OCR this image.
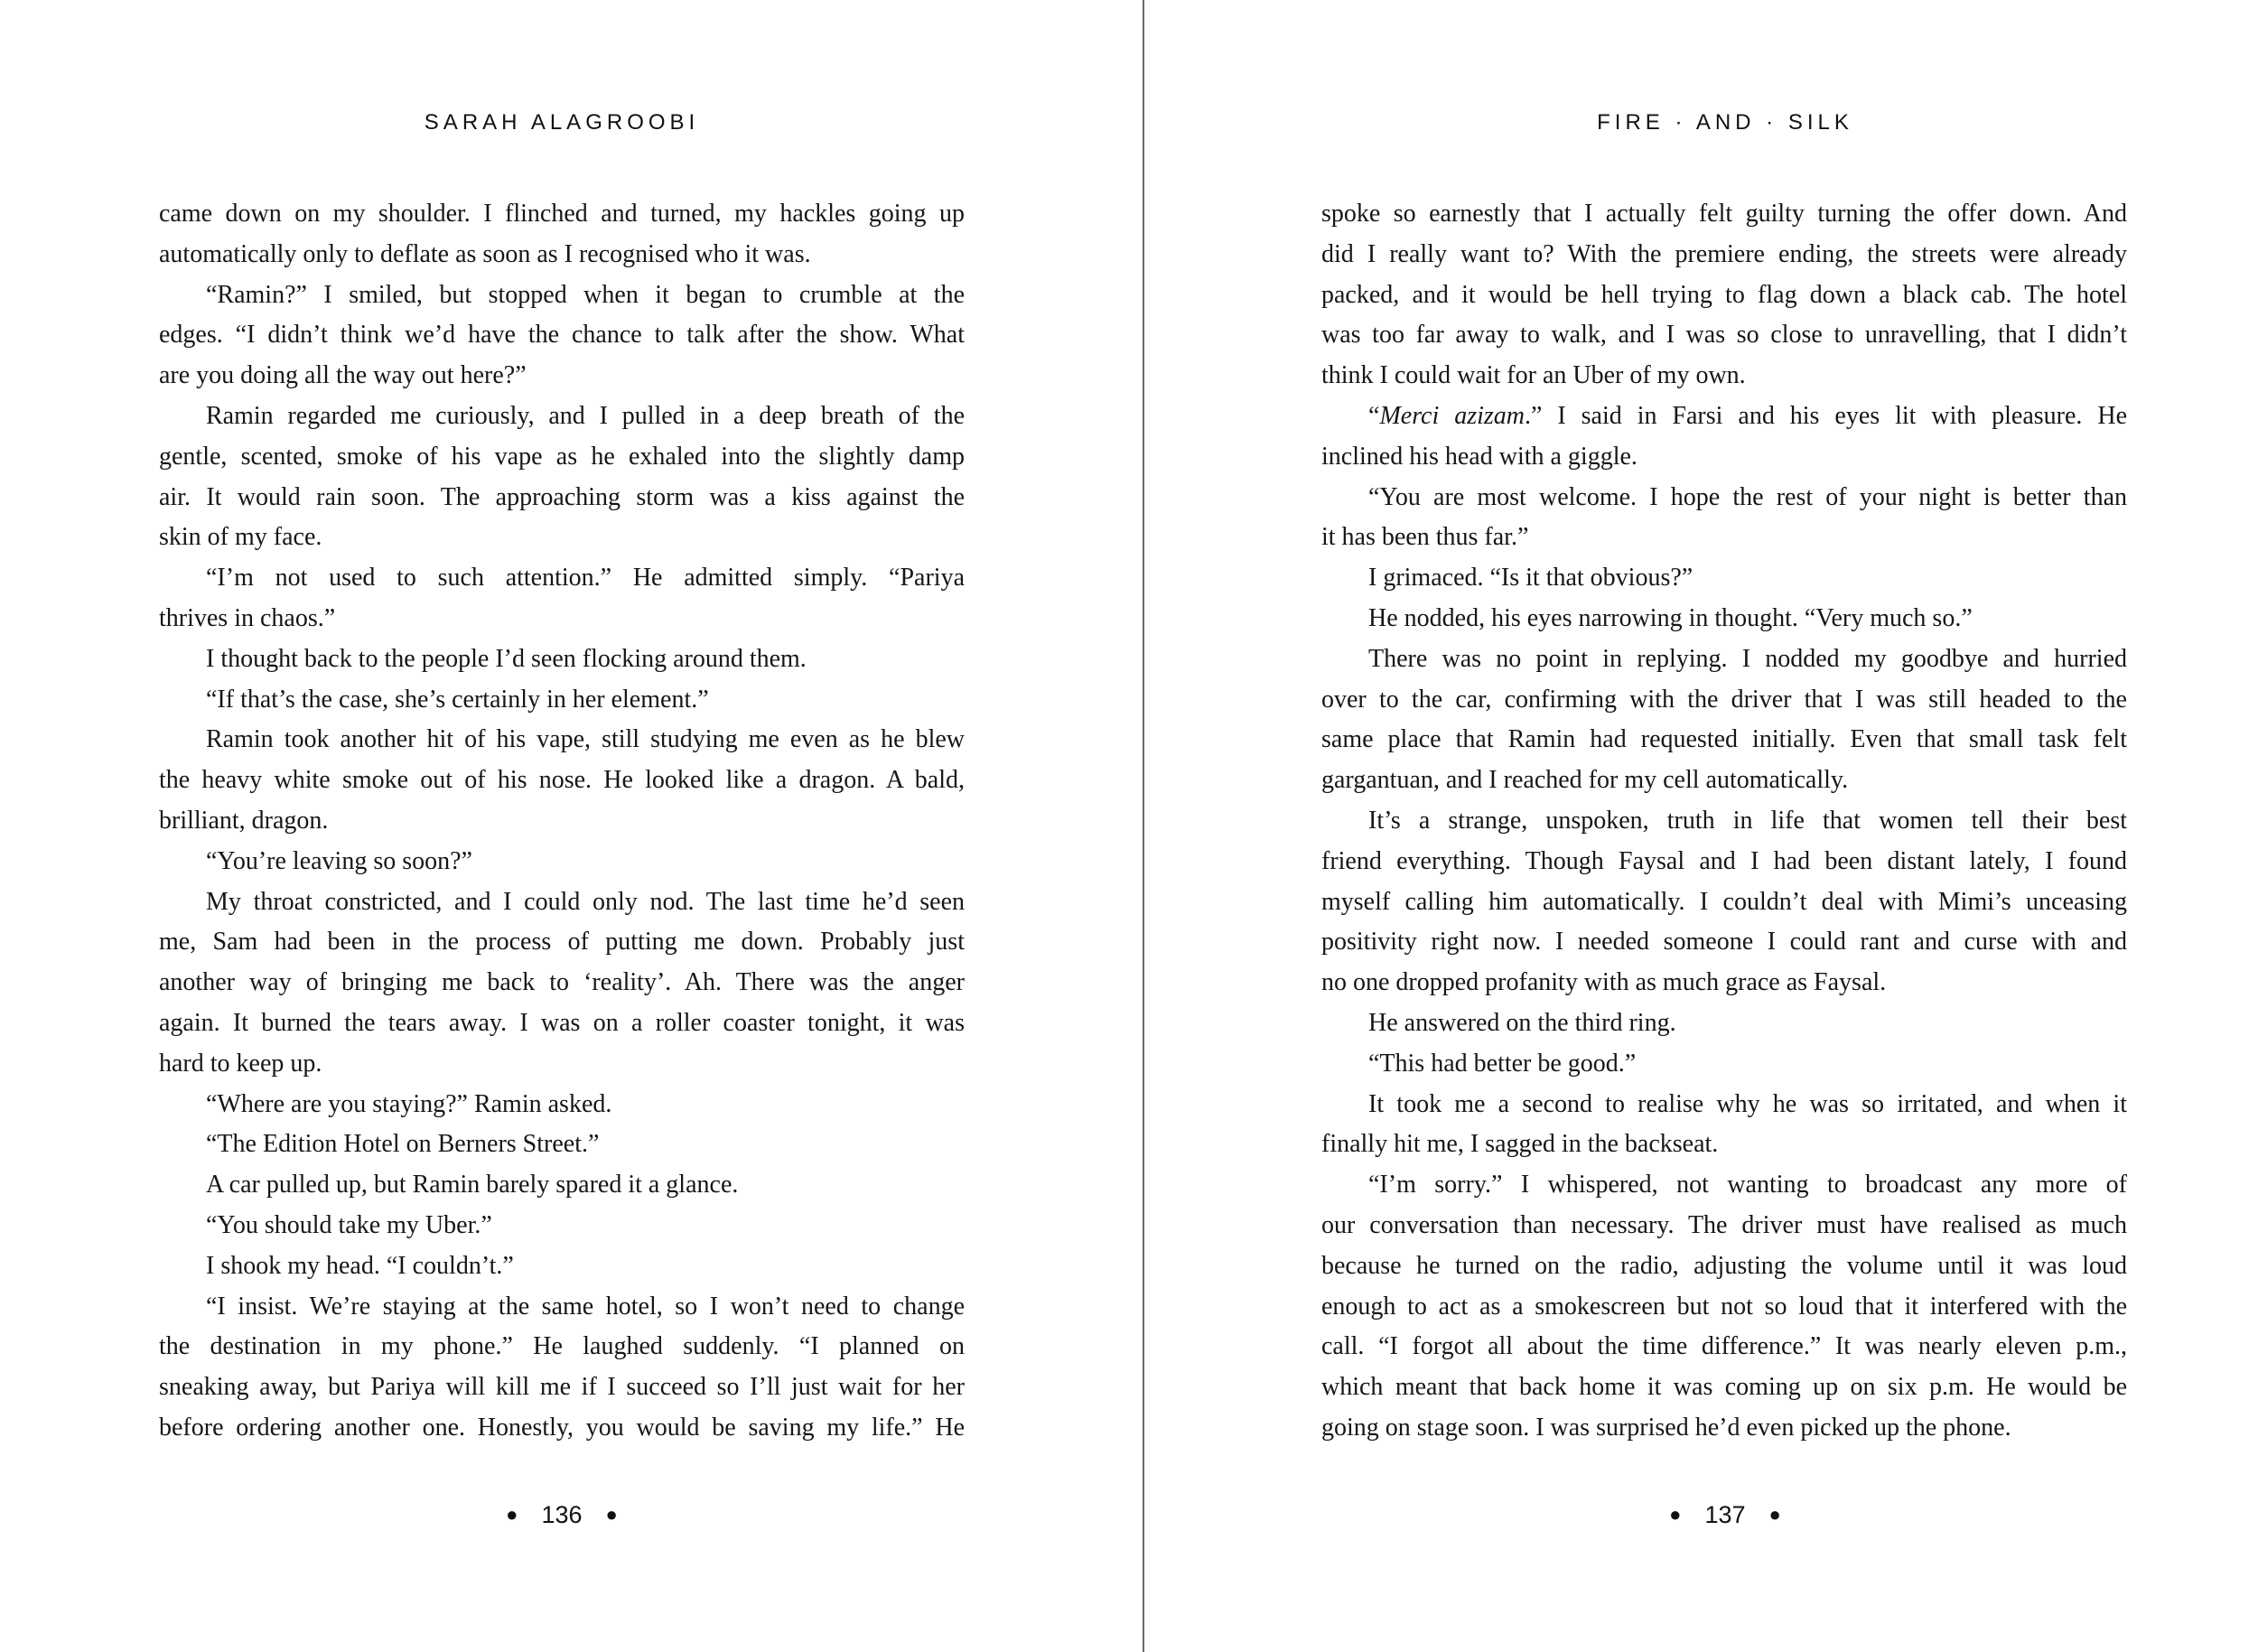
SARAH ALAGROOBI	FIRE · AND · SILK
came down on my shoulder. I flinched and turned, my hackles going up
automatically only to deflate as soon as I recognised who it was.
“Ramin?” I smiled, but stopped when it began to crumble at the
edges. “I didn’t think we’d have the chance to talk after the show. What
are you doing all the way out here?”
Ramin regarded me curiously, and I pulled in a deep breath of the
gentle, scented, smoke of his vape as he exhaled into the slightly damp
air. It would rain soon. The approaching storm was a kiss against the
skin of my face.
“I’m not used to such attention.” He admitted simply. “Pariya
thrives in chaos.”
I thought back to the people I’d seen flocking around them.
“If that’s the case, she’s certainly in her element.”
Ramin took another hit of his vape, still studying me even as he blew
the heavy white smoke out of his nose. He looked like a dragon. A bald,
brilliant, dragon.
“You’re leaving so soon?”
My throat constricted, and I could only nod. The last time he’d seen
me, Sam had been in the process of putting me down. Probably just
another way of bringing me back to ‘reality’. Ah. There was the anger
again. It burned the tears away. I was on a roller coaster tonight, it was
hard to keep up.
“Where are you staying?” Ramin asked.
“The Edition Hotel on Berners Street.”
A car pulled up, but Ramin barely spared it a glance.
“You should take my Uber.”
I shook my head. “I couldn’t.”
“I insist. We’re staying at the same hotel, so I won’t need to change
the destination in my phone.” He laughed suddenly. “I planned on
sneaking away, but Pariya will kill me if I succeed so I’ll just wait for her
before ordering another one. Honestly, you would be saving my life.” He
spoke so earnestly that I actually felt guilty turning the offer down. And
did I really want to? With the premiere ending, the streets were already
packed, and it would be hell trying to flag down a black cab. The hotel
was too far away to walk, and I was so close to unravelling, that I didn’t
think I could wait for an Uber of my own.
“Merci azizam.” I said in Farsi and his eyes lit with pleasure. He
inclined his head with a giggle.
“You are most welcome. I hope the rest of your night is better than
it has been thus far.”
I grimaced. “Is it that obvious?”
He nodded, his eyes narrowing in thought. “Very much so.”
There was no point in replying. I nodded my goodbye and hurried
over to the car, confirming with the driver that I was still headed to the
same place that Ramin had requested initially. Even that small task felt
gargantuan, and I reached for my cell automatically.
It’s a strange, unspoken, truth in life that women tell their best
friend everything. Though Faysal and I had been distant lately, I found
myself calling him automatically. I couldn’t deal with Mimi’s unceasing
positivity right now. I needed someone I could rant and curse with and
no one dropped profanity with as much grace as Faysal.
He answered on the third ring.
“This had better be good.”
It took me a second to realise why he was so irritated, and when it
finally hit me, I sagged in the backseat.
“I’m sorry.” I whispered, not wanting to broadcast any more of
our conversation than necessary. The driver must have realised as much
because he turned on the radio, adjusting the volume until it was loud
enough to act as a smokescreen but not so loud that it interfered with the
call. “I forgot all about the time difference.” It was nearly eleven p.m.,
which meant that back home it was coming up on six p.m. He would be
going on stage soon. I was surprised he’d even picked up the phone.
● 136 ●	● 137 ●
